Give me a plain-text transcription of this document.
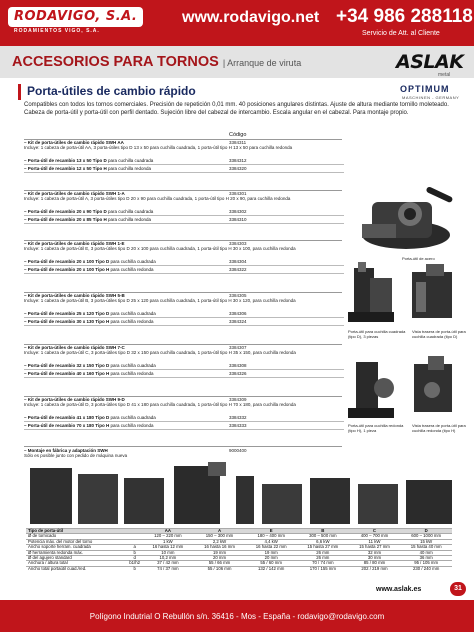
RODAVIGO, S.A.
RODAMIENTOS VIGO, S.A.
www.rodavigo.net +34 986 288118
Servicio de Att. al Cliente
ACCESORIOS PARA TORNOS | Arranque de viruta	ASLAK
metal
Porta-útiles de cambio rápido	OPTIMUM
MASCHINEN - GERMANY
Compatibles con todos los tornos comerciales. Precisión de repetición 0,01 mm. 40 posiciones angulares distintas. Ajuste de altura mediante tornillo moleteado. Cabeza de porta-útil y porta-útil con perfil dentado. Sujeción libre del cabezal de intercambio. Escala angular en el cabezal. Para montaje propio.
Código
– Kit de porta-útiles de cambio rápido SWH AA	3384311

Incluye: 1 cabeza de porta-útil AA, 3 porta-útiles tipo D 13 x 50 para cuchilla cuadrada, 1 porta-útil tipo H 13 x 50 para cuchilla redonda
– Porta-útil de recambio 13 x 50 Tipo D para cuchilla cuadrada	3384312
– Porta-útil de recambio 12 x 50 Tipo H para cuchilla redonda	3384320
– Kit de porta-útiles de cambio rápido SWH 1-A	3384301

Incluye: 1 cabeza de porta-útil A, 3 porta-útiles tipo D 20 x 90 para cuchilla cuadrada, 1 porta-útil tipo H 20 x 90, para cuchilla redonda
– Porta-útil de recambio 20 x 90 Tipo D para cuchilla cuadrada	3384302
– Porta-útil de recambio 20 x 85 Tipo H para cuchilla redonda	3384310
– Kit de porta-útiles de cambio rápido SWH 1-E	3384303

Incluye: 1 cabeza de porta-útil E, 3 porta-útiles tipo D 20 x 100 para cuchilla cuadrada, 1 porta-útil tipo H 30 x 100, para cuchilla redonda
– Porta-útil de recambio 20 x 100 Tipo D para cuchilla cuadrada	3384304
– Porta-útil de recambio 20 x 100 Tipo H para cuchilla redonda	3384322
– Kit de porta-útiles de cambio rápido SWH 5-B	3384305

Incluye: 1 cabeza de porta-útil B, 3 porta-útiles tipo D 25 x 120 para cuchilla cuadrada, 1 porta-útil tipo H 30 x 120, para cuchilla redonda
– Porta-útil de recambio 25 x 120 Tipo D para cuchilla cuadrada	3384306
– Porta-útil de recambio 30 x 130 Tipo H para cuchilla redonda	3384324
– Kit de porta-útiles de cambio rápido SWH 7-C	3384307

Incluye: 1 cabeza de porta-útil C, 3 porta-útiles tipo D 32 x 150 para cuchilla cuadrada, 1 porta-útil tipo H 35 x 150, para cuchilla redonda
– Porta-útil de recambio 32 x 150 Tipo D para cuchilla cuadrada	3384308
– Porta-útil de recambio 40 x 160 Tipo H para cuchilla redonda	3384326
– Kit de porta-útiles de cambio rápido SWH 9-D	3384309

Incluye: 1 cabeza de porta-útil D, 3 porta-útiles tipo D 41 x 180 para cuchilla cuadrada, 1 porta-útil tipo H 70 x 180, para cuchilla redonda
– Porta-útil de recambio 41 x 180 Tipo D para cuchilla cuadrada	3384332
– Porta-útil de recambio 70 x 180 Tipo H para cuchilla redonda	3384333
– Montaje en fábrica y adaptación SWH	9000400

Sólo es posible junto con pedido de máquina nueva
Porta-útil de acero
Porta-útil para cuchilla cuadrada (tipo D), 3 piezas
Vista trasera de porta-útil para cuchilla cuadrada (tipo D)
Porta-útil para cuchilla redonda (tipo H), 1 pieza
Vista trasera de porta-útil para cuchilla redonda (tipo H)
Tipo de porta-útil		AA	A	E	B	C	D
Ø de tornicado		120 – 220 mm	150 – 300 mm	180 – 400 mm	300 – 500 mm	400 – 700 mm	600 – 1000 mm
Potencia máx. del motor del torno		1 kW	2,2 kW	4,4 kW	6,6 kW	11 kW	15 kW
Ancho soporte herram. cuadrada	a	16 hasta 12 mm	16 hasta 16 mm	16 hasta 22 mm	15 hasta 27 mm	15 hasta 27 mm	15 hasta 40 mm
Ø herramienta redonda máx.	b	10 mm	19 mm	19 mm	26 mm	32 mm	40 mm
Ø del agujero standard	d	10,2 mm	20 mm	20 mm	26 mm	30 mm	36 mm
Anchura / altura total	b1/h2	37 / 42 mm	55 / 66 mm	55 / 60 mm	70 / 74 mm	85 / 80 mm	95 / 105 mm
Ancho total portaútil cuad./red.	b	74 / 37 mm	55 / 106 mm	132 / 142 mm	170 / 155 mm	202 / 219 mm	230 / 240 mm
www.aslak.es	31
Polígono Indutrial O Rebullón s/n. 36416 - Mos - España - rodavigo@rodavigo.com
